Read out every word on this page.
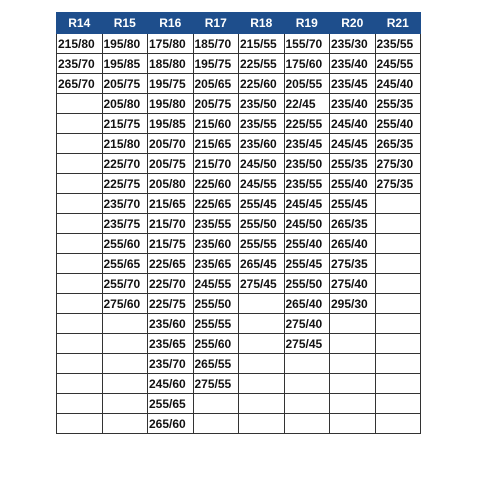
R14	R15	R16	R17	R18	R19	R20	R21
215/80	195/80	175/80	185/70	215/55	155/70	235/30	235/55
235/70	195/85	185/80	195/75	225/55	175/60	235/40	245/55
265/70	205/75	195/75	205/65	225/60	205/55	235/45	245/40
	205/80	195/80	205/75	235/50	22/45	235/40	255/35
	215/75	195/85	215/60	235/55	225/55	245/40	255/40
	215/80	205/70	215/65	235/60	235/45	245/45	265/35
	225/70	205/75	215/70	245/50	235/50	255/35	275/30
	225/75	205/80	225/60	245/55	235/55	255/40	275/35
	235/70	215/65	225/65	255/45	245/45	255/45	
	235/75	215/70	235/55	255/50	245/50	265/35	
	255/60	215/75	235/60	255/55	255/40	265/40	
	255/65	225/65	235/65	265/45	255/45	275/35	
	255/70	225/70	245/55	275/45	255/50	275/40	
	275/60	225/75	255/50		265/40	295/30	
		235/60	255/55		275/40		
		235/65	255/60		275/45		
		235/70	265/55				
		245/60	275/55				
		255/65					
		265/60					
